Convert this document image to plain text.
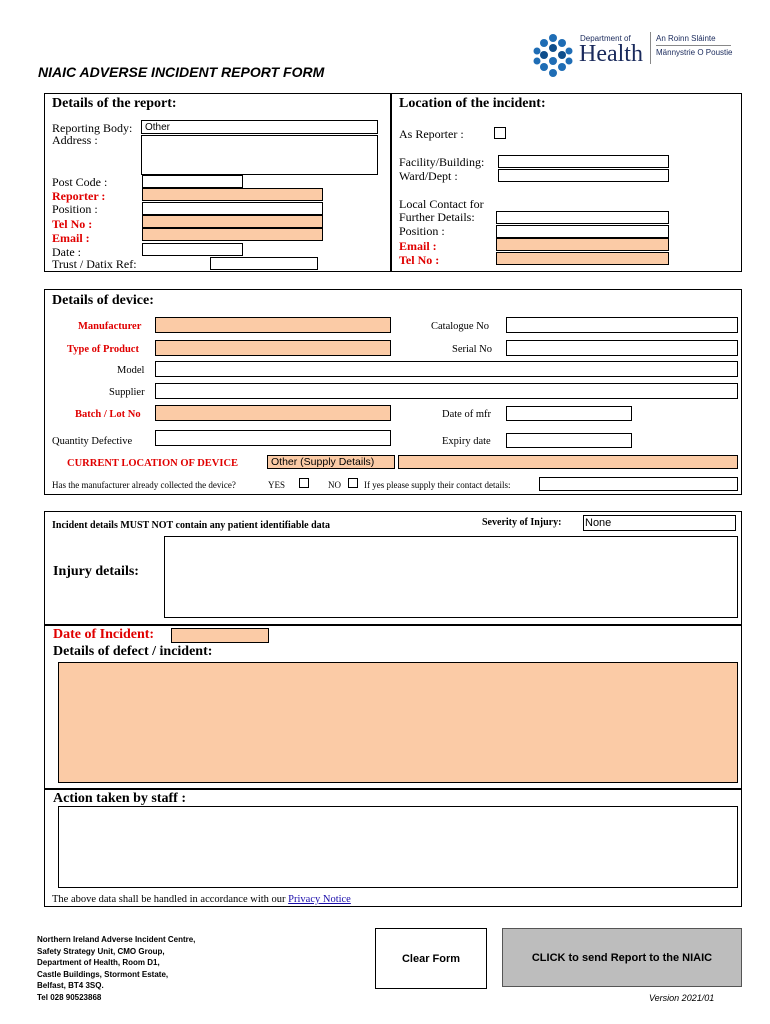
Department of
Health
An Roinn Sláinte
Männystrie O Poustie
NIAIC ADVERSE INCIDENT REPORT FORM
Details of the report:
Reporting Body:	Other
Address :
Post Code :
Reporter :
Position :
Tel No :
Email :
Date :
Trust / Datix Ref:
Location of the incident:
As Reporter :
Facility/Building:
Ward/Dept :
Local Contact for
Further Details:
Position :
Email :
Tel No :
Details of device:
Manufacturer	Catalogue No
Type of Product	Serial No
Model
Supplier
Batch / Lot No	Date of mfr
Quantity Defective	Expiry date
CURRENT LOCATION OF DEVICE	Other (Supply Details)
Has the manufacturer already collected the device?	YES	NO	If yes please supply their contact details:
Incident details MUST NOT contain any patient identifiable data	Severity of Injury: None
Injury details:
Date of Incident:
Details of defect / incident:
Action taken by staff :
The above data shall be handled in accordance with our Privacy Notice
Northern Ireland Adverse Incident Centre,
Safety Strategy Unit, CMO Group,
Department of Health, Room D1,
Castle Buildings, Stormont Estate,
Belfast, BT4 3SQ.
Tel 028 90523868
Clear Form	CLICK to send Report to the NIAIC
Version 2021/01
